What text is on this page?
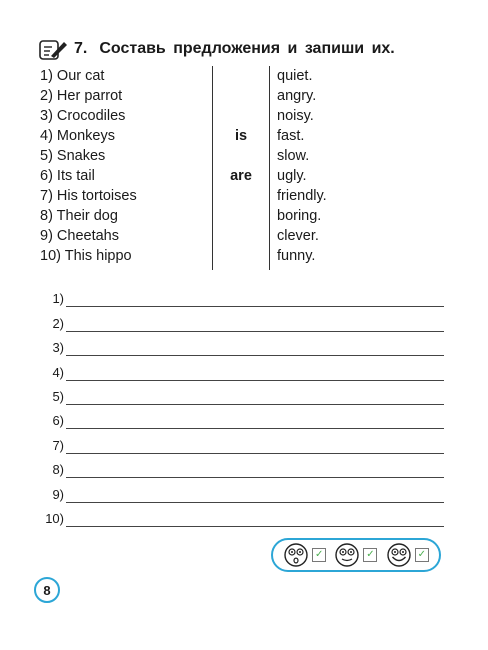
7. Составь предложения и запиши их.
1) Our cat
2) Her parrot
3) Crocodiles
4) Monkeys
5) Snakes
6) Its tail
7) His tortoises
8) Their dog
9) Cheetahs
10) This hippo
is
are
quiet.
angry.
noisy.
fast.
slow.
ugly.
friendly.
boring.
clever.
funny.
1)
2)
3)
4)
5)
6)
7)
8)
9)
10)
✓	✓	✓
8
